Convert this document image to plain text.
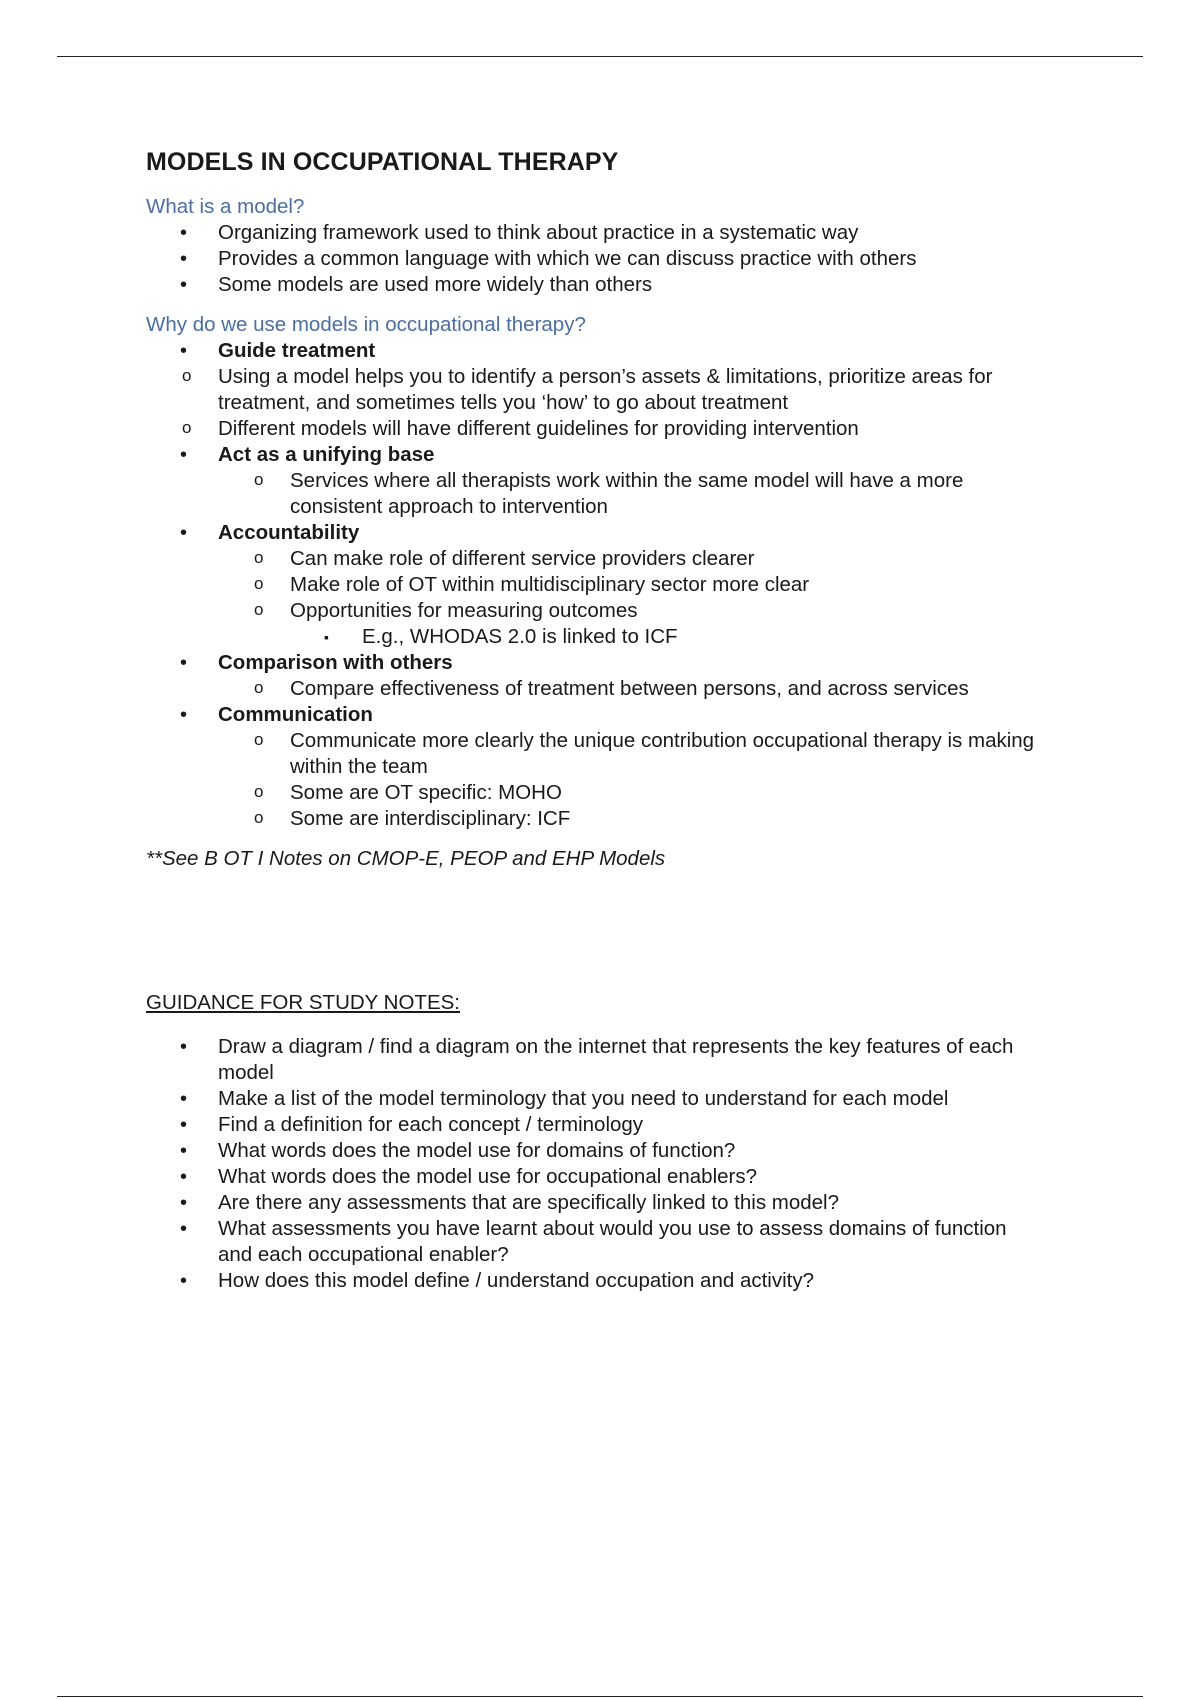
MODELS IN OCCUPATIONAL THERAPY

What is a model?

• Organizing framework used to think about practice in a systematic way
• Provides a common language with which we can discuss practice with others
• Some models are used more widely than others

Why do we use models in occupational therapy?

• Guide treatment
o Using a model helps you to identify a person’s assets & limitations, prioritize areas for treatment, and sometimes tells you ‘how’ to go about treatment
o Different models will have different guidelines for providing intervention
• Act as a unifying base
o Services where all therapists work within the same model will have a more consistent approach to intervention
• Accountability
o Can make role of different service providers clearer
o Make role of OT within multidisciplinary sector more clear
o Opportunities for measuring outcomes
▪ E.g., WHODAS 2.0 is linked to ICF
• Comparison with others
o Compare effectiveness of treatment between persons, and across services
• Communication
o Communicate more clearly the unique contribution occupational therapy is making within the team
o Some are OT specific: MOHO
o Some are interdisciplinary: ICF

**See B OT I Notes on CMOP-E, PEOP and EHP Models

GUIDANCE FOR STUDY NOTES:

• Draw a diagram / find a diagram on the internet that represents the key features of each model
• Make a list of the model terminology that you need to understand for each model
• Find a definition for each concept / terminology
• What words does the model use for domains of function?
• What words does the model use for occupational enablers?
• Are there any assessments that are specifically linked to this model?
• What assessments you have learnt about would you use to assess domains of function and each occupational enabler?
• How does this model define / understand occupation and activity?
